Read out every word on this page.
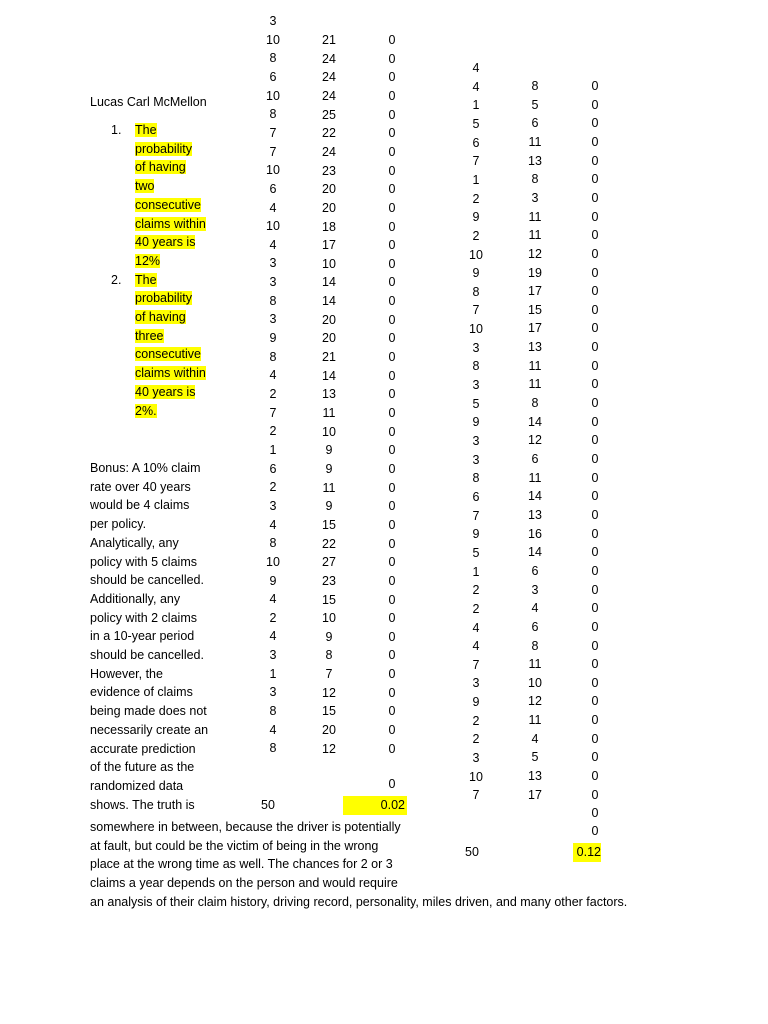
Lucas Carl McMellon
1. The
probability
of having
two
consecutive
claims within
40 years is
12%
2. The
probability
of having
three
consecutive
claims within
40 years is
2%.
Bonus: A 10% claim
rate over 40 years
would be 4 claims
per policy.
Analytically, any
policy with 5 claims
should be cancelled.
Additionally, any
policy with 2 claims
in a 10-year period
should be cancelled.
However, the
evidence of claims
being made does not
necessarily create an
accurate prediction
of the future as the
randomized data
shows. The truth is
somewhere in between, because the driver is potentially
at fault, but could be the victim of being in the wrong
place at the wrong time as well. The chances for 2 or 3
claims a year depends on the person and would require
an analysis of their claim history, driving record, personality, miles driven, and many other factors.
3
10
8
6
10
8
7
7
10
6
4
10
4
3
3
8
3
9
8
4
2
7
2
1
6
2
3
4
8
10
9
4
2
4
3
1
3
8
4
8
21
24
24
24
25
22
24
23
20
20
18
17
10
14
14
20
20
21
14
13
11
10
9
9
11
9
15
22
27
23
15
10
9
8
7
12
15
20
12
0
0
0
0
0
0
0
0
0
0
0
0
0
0
0
0
0
0
0
0
0
0
0
0
0
0
0
0
0
0
0
0
0
0
0
0
0
0
0
0
4
4
1
5
6
7
1
2
9
2
10
9
8
7
10
3
8
3
5
9
3
3
8
6
7
9
5
1
2
2
4
4
7
3
9
2
2
3
10
7
8
5
6
11
13
8
3
11
11
12
19
17
15
17
13
11
11
8
14
12
6
11
14
13
16
14
6
3
4
6
8
11
10
12
11
4
5
13
17
0
0
0
0
0
0
0
0
0
0
0
0
0
0
0
0
0
0
0
0
0
0
0
0
0
0
0
0
0
0
0
0
0
0
0
0
0
0
0
0
0
50	0.02
50	0.12
